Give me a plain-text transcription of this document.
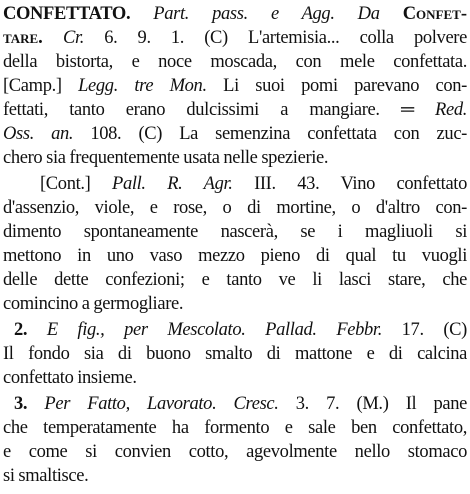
CONFETTATO. Part. pass. e Agg. Da Confet-
tare. Cr. 6. 9. 1. (C) L'artemisia... colla polvere
della bistorta, e noce moscada, con mele confettata.
[Camp.] Legg. tre Mon. Li suoi pomi parevano con-
fettati, tanto erano dulcissimi a mangiare. ═ Red.
Oss. an. 108. (C) La semenzina confettata con zuc-
chero sia frequentemente usata nelle spezierie.
[Cont.] Pall. R. Agr. III. 43. Vino confettato
d'assenzio, viole, e rose, o di mortine, o d'altro con-
dimento spontaneamente nascerà, se i magliuoli si
mettono in uno vaso mezzo pieno di qual tu vuogli
delle dette confezioni; e tanto ve li lasci stare, che
comincino a germogliare.
2. E fig., per Mescolato. Pallad. Febbr. 17. (C)
Il fondo sia di buono smalto di mattone e di calcina
confettato insieme.
3. Per Fatto, Lavorato. Cresc. 3. 7. (M.) Il pane
che temperatamente ha formento e sale ben confettato,
e come si convien cotto, agevolmente nello stomaco
si smaltisce.
